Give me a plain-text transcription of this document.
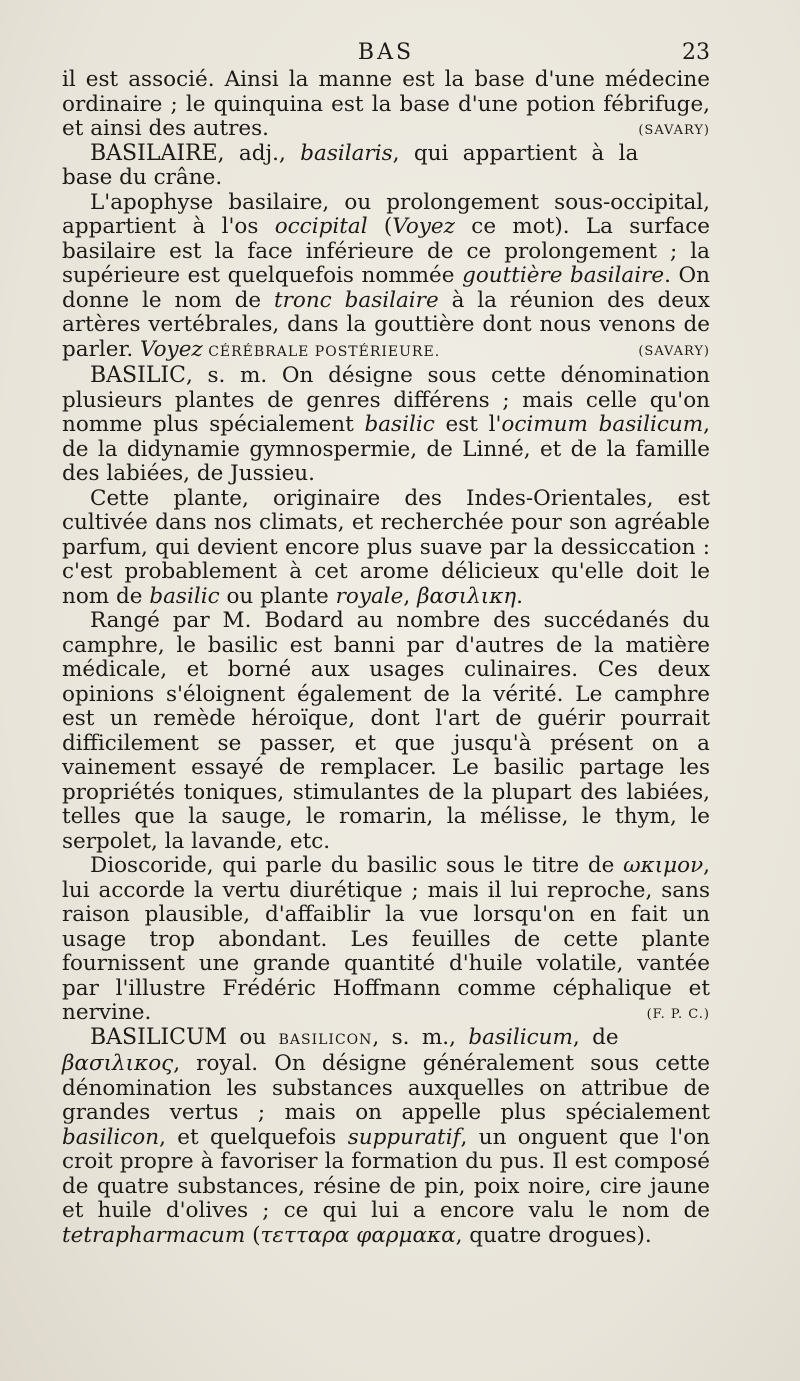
BAS	23

il est associé. Ainsi la manne est la base d'une médecine ordinaire ; le quinquina est la base d'une potion fébrifuge, et ainsi des autres.	(SAVARY)

BASILAIRE, adj., basilaris, qui appartient à la base du crâne.

L'apophyse basilaire, ou prolongement sous-occipital, appartient à l'os occipital (Voyez ce mot). La surface basilaire est la face inférieure de ce prolongement ; la supérieure est quelquefois nommée gouttière basilaire. On donne le nom de tronc basilaire à la réunion des deux artères vertébrales, dans la gouttière dont nous venons de parler. Voyez CÉRÉBRALE POSTÉRIEURE.	(SAVARY)

BASILIC, s. m. On désigne sous cette dénomination plusieurs plantes de genres différens ; mais celle qu'on nomme plus spécialement basilic est l'ocimum basilicum, de la didynamie gymnospermie, de Linné, et de la famille des labiées, de Jussieu.

Cette plante, originaire des Indes-Orientales, est cultivée dans nos climats, et recherchée pour son agréable parfum, qui devient encore plus suave par la dessiccation : c'est probablement à cet arome délicieux qu'elle doit le nom de basilic ou plante royale, βασιλικη.

Rangé par M. Bodard au nombre des succédanés du camphre, le basilic est banni par d'autres de la matière médicale, et borné aux usages culinaires. Ces deux opinions s'éloignent également de la vérité. Le camphre est un remède héroïque, dont l'art de guérir pourrait difficilement se passer, et que jusqu'à présent on a vainement essayé de remplacer. Le basilic partage les propriétés toniques, stimulantes de la plupart des labiées, telles que la sauge, le romarin, la mélisse, le thym, le serpolet, la lavande, etc.

Dioscoride, qui parle du basilic sous le titre de ωκιμον, lui accorde la vertu diurétique ; mais il lui reproche, sans raison plausible, d'affaiblir la vue lorsqu'on en fait un usage trop abondant. Les feuilles de cette plante fournissent une grande quantité d'huile volatile, vantée par l'illustre Frédéric Hoffmann comme céphalique et nervine.	(F. P. C.)

BASILICUM ou BASILICON, s. m., basilicum, de βασιλικος, royal. On désigne généralement sous cette dénomination les substances auxquelles on attribue de grandes vertus ; mais on appelle plus spécialement basilicon, et quelquefois suppuratif, un onguent que l'on croit propre à favoriser la formation du pus. Il est composé de quatre substances, résine de pin, poix noire, cire jaune et huile d'olives ; ce qui lui a encore valu le nom de tetrapharmacum (τετταρα φαρμακα, quatre drogues).
